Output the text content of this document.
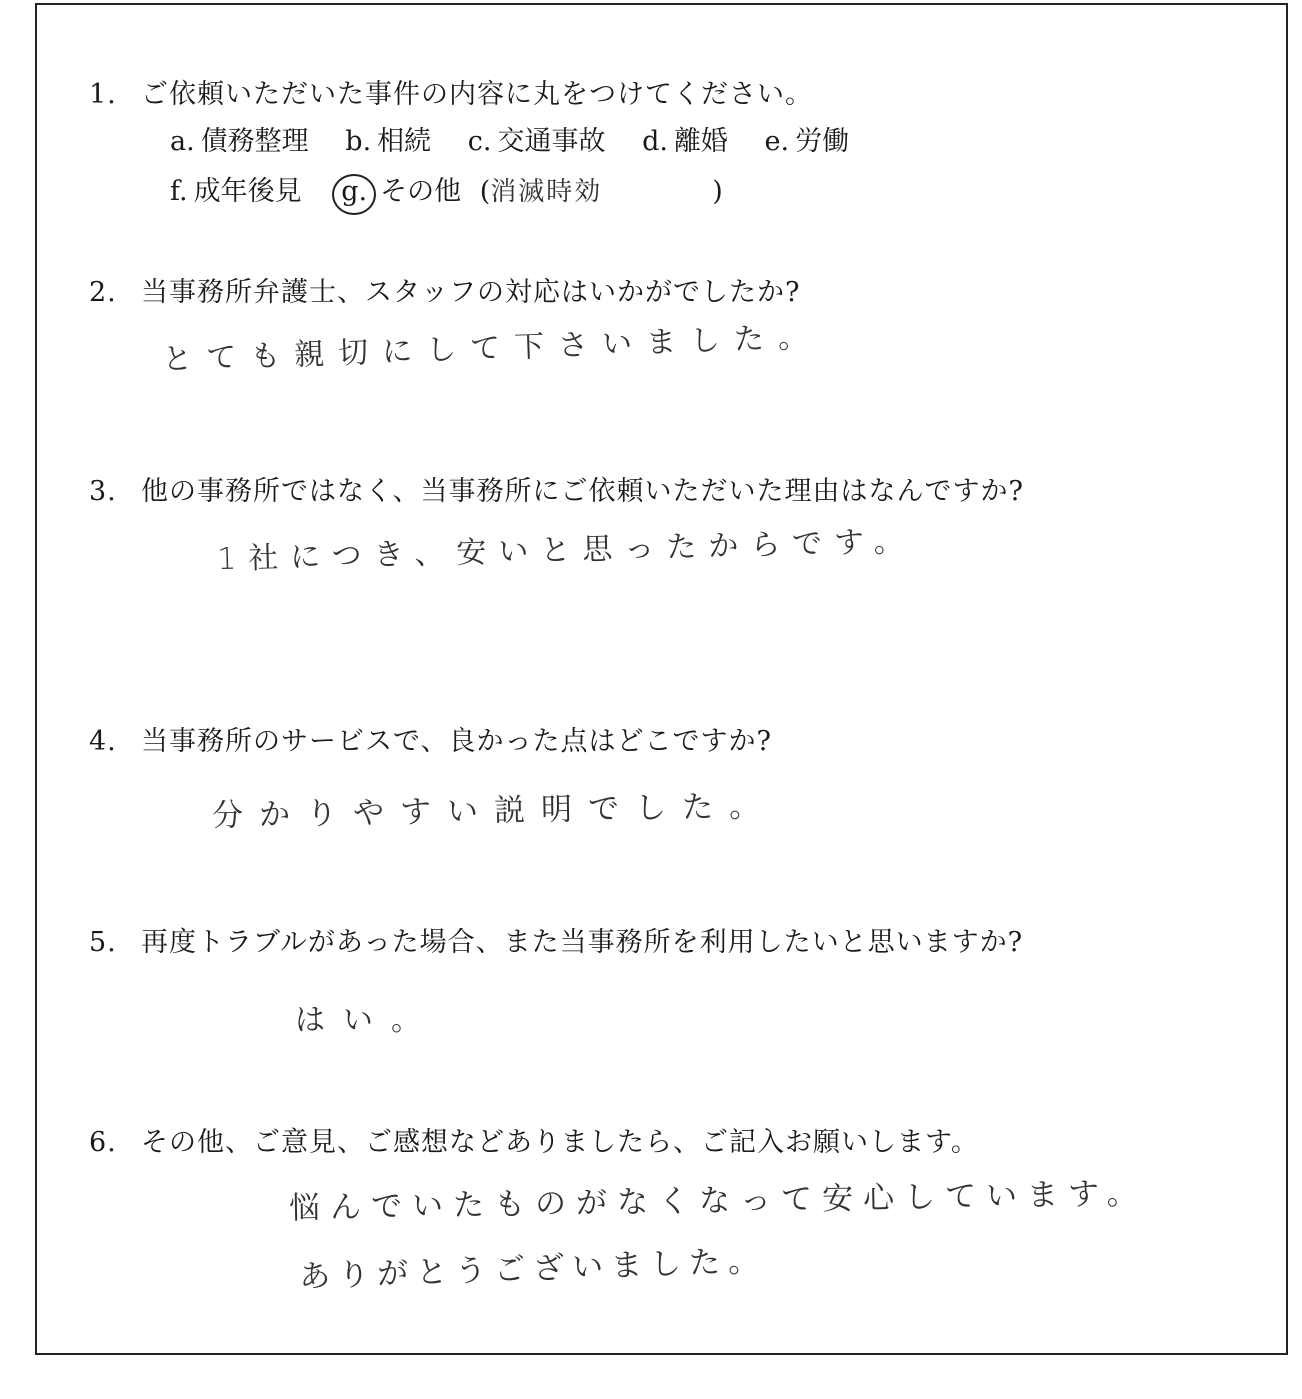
1. ご依頼いただいた事件の内容に丸をつけてください。
a. 債務整理 b. 相続 c. 交通事故 d. 離婚 e. 労働
f. 成年後見 g. その他 (消滅時効	)
2. 当事務所弁護士、スタッフの対応はいかがでしたか?
とても親切にして下さいました。
3. 他の事務所ではなく、当事務所にご依頼いただいた理由はなんですか?
1社につき、安いと思ったからです。
4. 当事務所のサービスで、良かった点はどこですか?
分かりやすい説明でした。
5. 再度トラブルがあった場合、また当事務所を利用したいと思いますか?
はい。
6. その他、ご意見、ご感想などありましたら、ご記入お願いします。
悩んでいたものがなくなって安心しています。
ありがとうございました。
